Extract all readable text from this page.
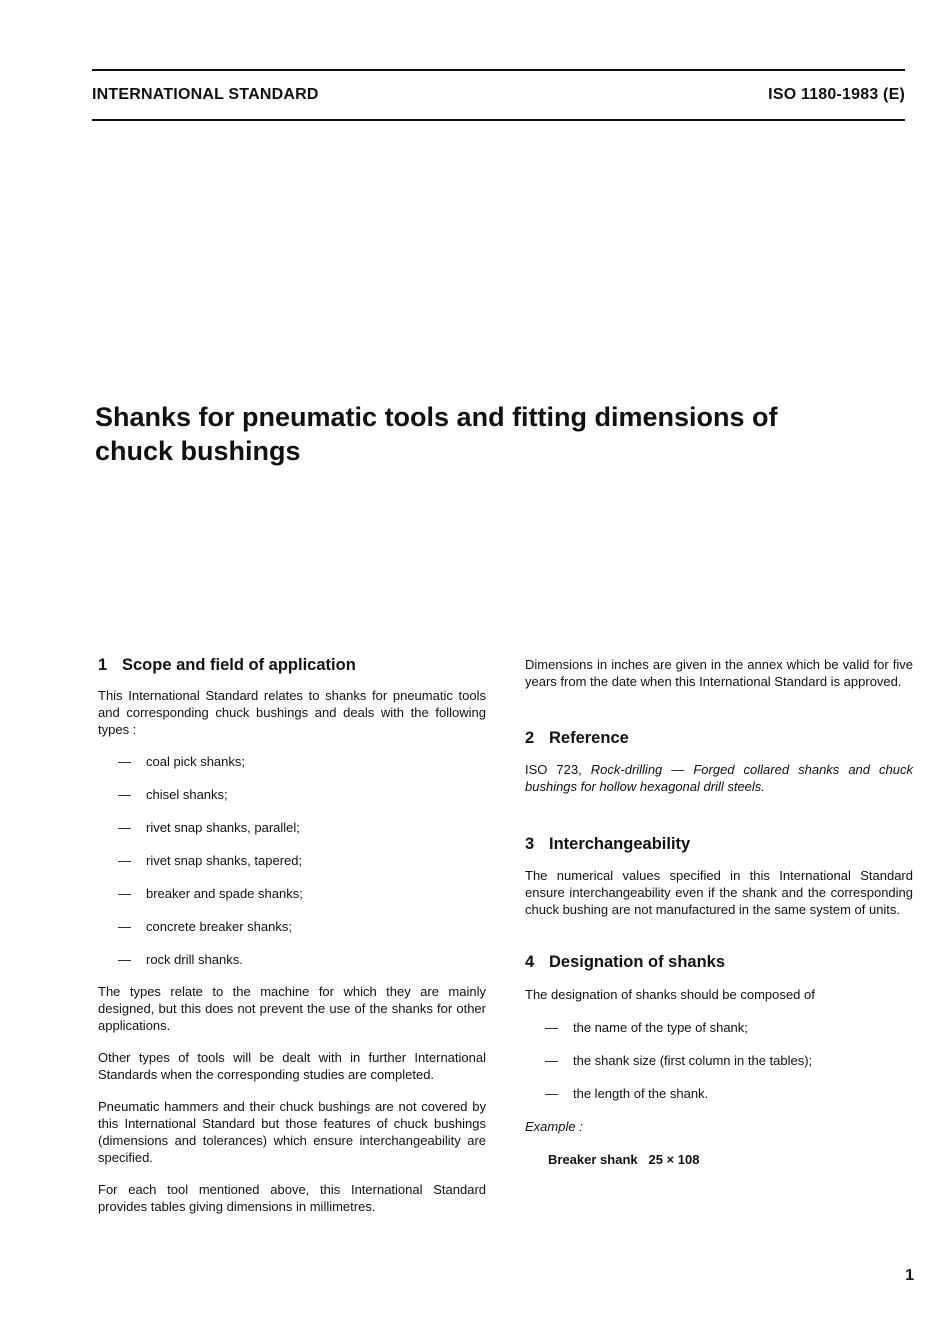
INTERNATIONAL STANDARD	ISO 1180-1983 (E)
Shanks for pneumatic tools and fitting dimensions of
chuck bushings
1 Scope and field of application

This International Standard relates to shanks for pneumatic tools and corresponding chuck bushings and deals with the following types :

— coal pick shanks;
— chisel shanks;
— rivet snap shanks, parallel;
— rivet snap shanks, tapered;
— breaker and spade shanks;
— concrete breaker shanks;
— rock drill shanks.

The types relate to the machine for which they are mainly designed, but this does not prevent the use of the shanks for other applications.

Other types of tools will be dealt with in further International Standards when the corresponding studies are completed.

Pneumatic hammers and their chuck bushings are not covered by this International Standard but those features of chuck bushings (dimensions and tolerances) which ensure interchangeability are specified.

For each tool mentioned above, this International Standard provides tables giving dimensions in millimetres.

Dimensions in inches are given in the annex which be valid for five years from the date when this International Standard is approved.

2 Reference

ISO 723, Rock-drilling — Forged collared shanks and chuck bushings for hollow hexagonal drill steels.

3 Interchangeability

The numerical values specified in this International Standard ensure interchangeability even if the shank and the corresponding chuck bushing are not manufactured in the same system of units.

4 Designation of shanks

The designation of shanks should be composed of

— the name of the type of shank;
— the shank size (first column in the tables);
— the length of the shank.

Example :

Breaker shank 25 × 108

1
